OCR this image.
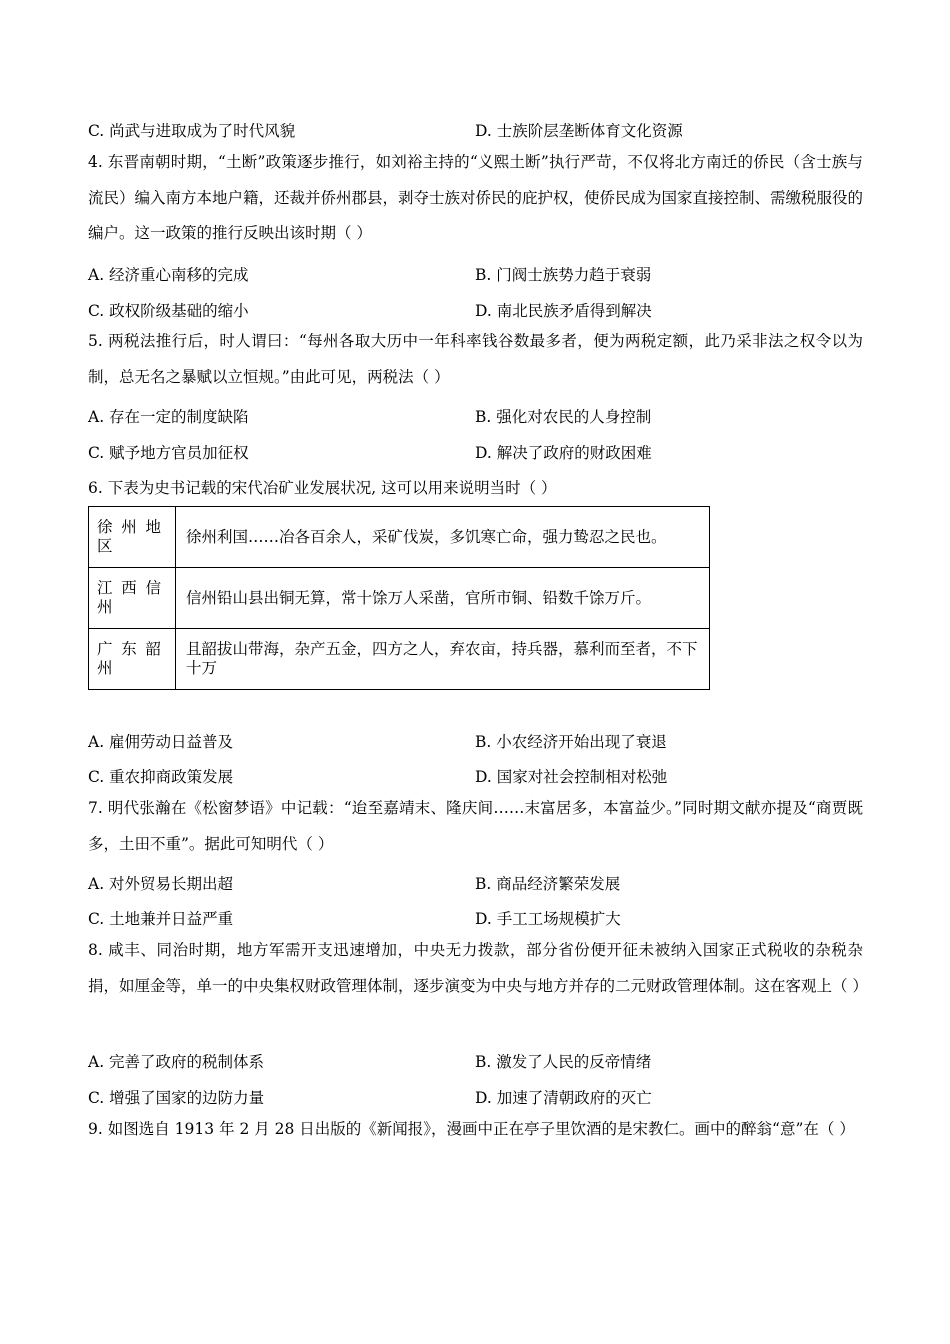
C. 尚武与进取成为了时代风貌	D. 士族阶层垄断体育文化资源
4. 东晋南朝时期，“土断”政策逐步推行，如刘裕主持的“义熙土断”执行严苛，不仅将北方南迁的侨民（含士族与流民）编入南方本地户籍，还裁并侨州郡县，剥夺士族对侨民的庇护权，使侨民成为国家直接控制、需缴税服役的编户。这一政策的推行反映出该时期（ ）
A. 经济重心南移的完成	B. 门阀士族势力趋于衰弱
C. 政权阶级基础的缩小	D. 南北民族矛盾得到解决
5. 两税法推行后，时人谓曰：“每州各取大历中一年科率钱谷数最多者，便为两税定额，此乃采非法之权令以为制，总无名之暴赋以立恒规。”由此可见，两税法（ ）
A. 存在一定的制度缺陷	B. 强化对农民的人身控制
C. 赋予地方官员加征权	D. 解决了政府的财政困难
6. 下表为史书记载的宋代冶矿业发展状况, 这可以用来说明当时（ ）
徐州地区	徐州利国……冶各百余人，采矿伐炭，多饥寒亡命，强力鸷忍之民也。
江西信州	信州铅山县出铜无算，常十馀万人采凿，官所市铜、铅数千馀万斤。
广东韶州	且韶拔山带海，杂产五金，四方之人，弃农亩，持兵器，慕利而至者，不下十万
A. 雇佣劳动日益普及	B. 小农经济开始出现了衰退
C. 重农抑商政策发展	D. 国家对社会控制相对松弛
7. 明代张瀚在《松窗梦语》中记载：“迨至嘉靖末、隆庆间……末富居多，本富益少。”同时期文献亦提及“商贾既多，土田不重”。据此可知明代（ ）
A. 对外贸易长期出超	B. 商品经济繁荣发展
C. 土地兼并日益严重	D. 手工工场规模扩大
8. 咸丰、同治时期，地方军需开支迅速增加，中央无力拨款，部分省份便开征未被纳入国家正式税收的杂税杂捐，如厘金等，单一的中央集权财政管理体制，逐步演变为中央与地方并存的二元财政管理体制。这在客观上（ ）
A. 完善了政府的税制体系	B. 激发了人民的反帝情绪
C. 增强了国家的边防力量	D. 加速了清朝政府的灭亡
9. 如图选自 1913 年 2 月 28 日出版的《新闻报》，漫画中正在亭子里饮酒的是宋教仁。画中的醉翁“意”在（ ）
